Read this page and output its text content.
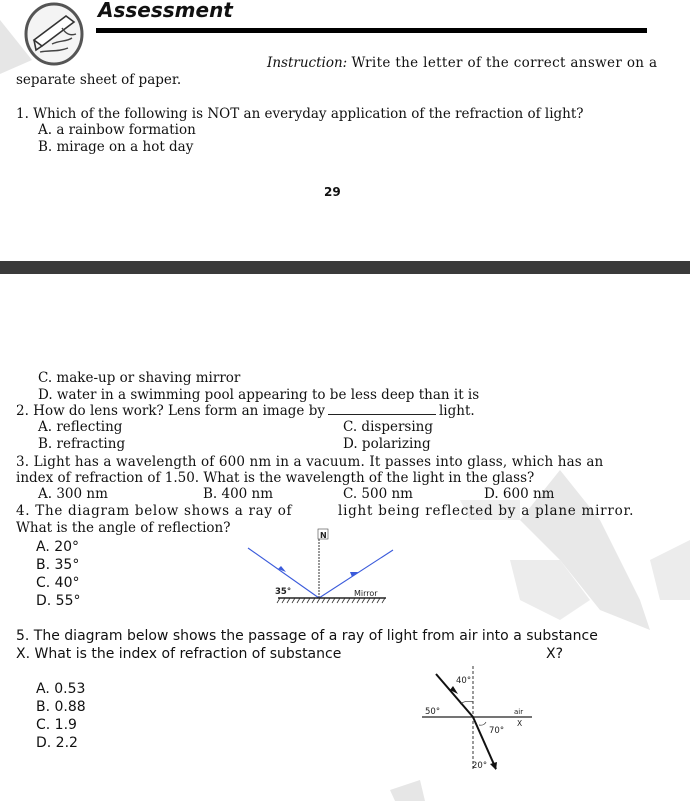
Assessment
Instruction: Write the letter of the correct answer on a
separate sheet of paper.
1. Which of the following is NOT an everyday application of the refraction of light?
A. a rainbow formation
B. mirage on a hot day
29
C. make-up or shaving mirror
D. water in a swimming pool appearing to be less deep than it is
2. How do lens work? Lens form an image by	light.
A. reflecting	C. dispersing
B. refracting	D. polarizing
3. Light has a wavelength of 600 nm in a vacuum. It passes into glass, which has an
index of refraction of 1.50. What is the wavelength of the light in the glass?
A. 300 nm	B. 400 nm	C. 500 nm	D. 600 nm
4. The diagram below shows a ray of	light being reflected by a plane mirror.
What is the angle of reflection?
A. 20°
B. 35°
C. 40°
D. 55°
N
35°	Mirror
5. The diagram below shows the passage of a ray of light from air into a substance
X. What is the index of refraction of substance	X?
A. 0.53
B. 0.88
C. 1.9
D. 2.2
40°
50°
70°
20°
air
X
